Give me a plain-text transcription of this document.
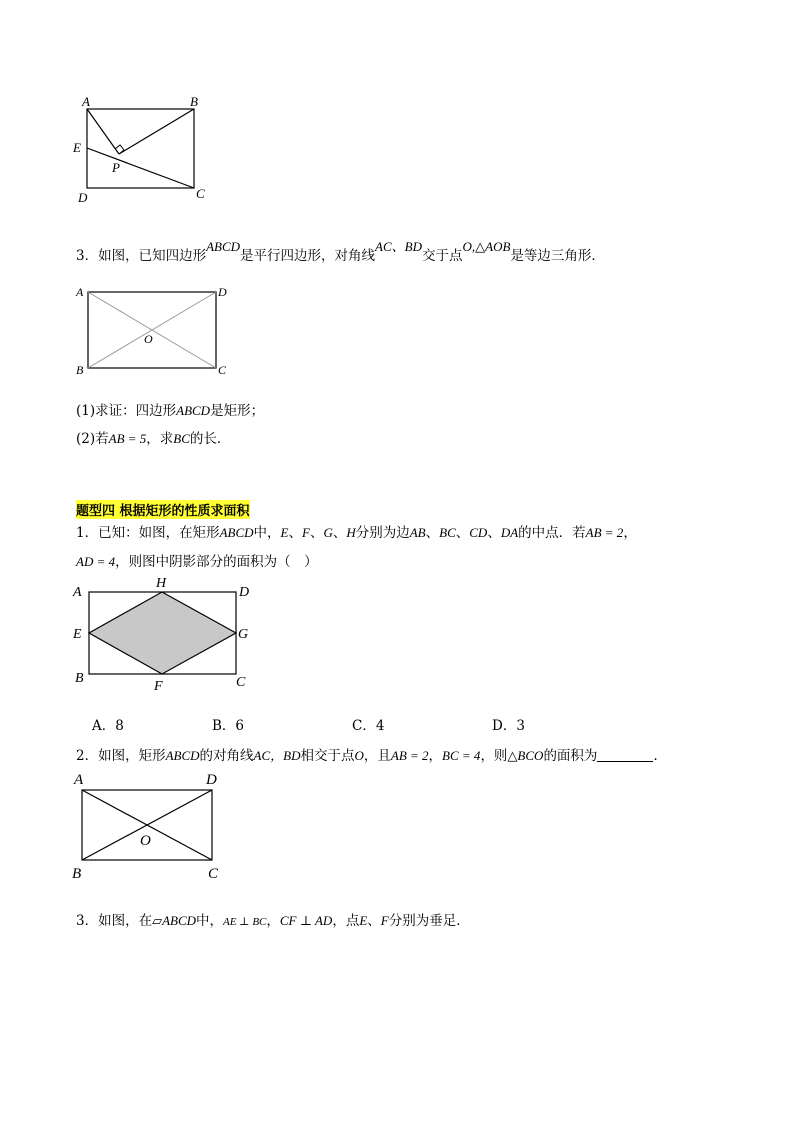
A	B
E
P
D	C
3．如图，已知四边形ABCD是平行四边形，对角线AC、BD交于点O,△AOB是等边三角形．
A	D
O
B	C
(1)求证：四边形ABCD是矩形；
(2)若AB = 5，求BC的长．
题型四 根据矩形的性质求面积
1．已知：如图，在矩形ABCD中，E、F、G、H分别为边AB、BC、CD、DA的中点．若AB = 2，
AD = 4，则图中阴影部分的面积为（　）
A
H
D
E	G
B
F	C
A．8	B．6	C．4	D．3
2．如图，矩形ABCD的对角线AC，BD相交于点O，且AB = 2，BC = 4，则△BCO的面积为	．
A	D
O
B	C
3．如图，在▱ABCD中，AE ⊥ BC，CF ⊥ AD，点E、F分别为垂足．
